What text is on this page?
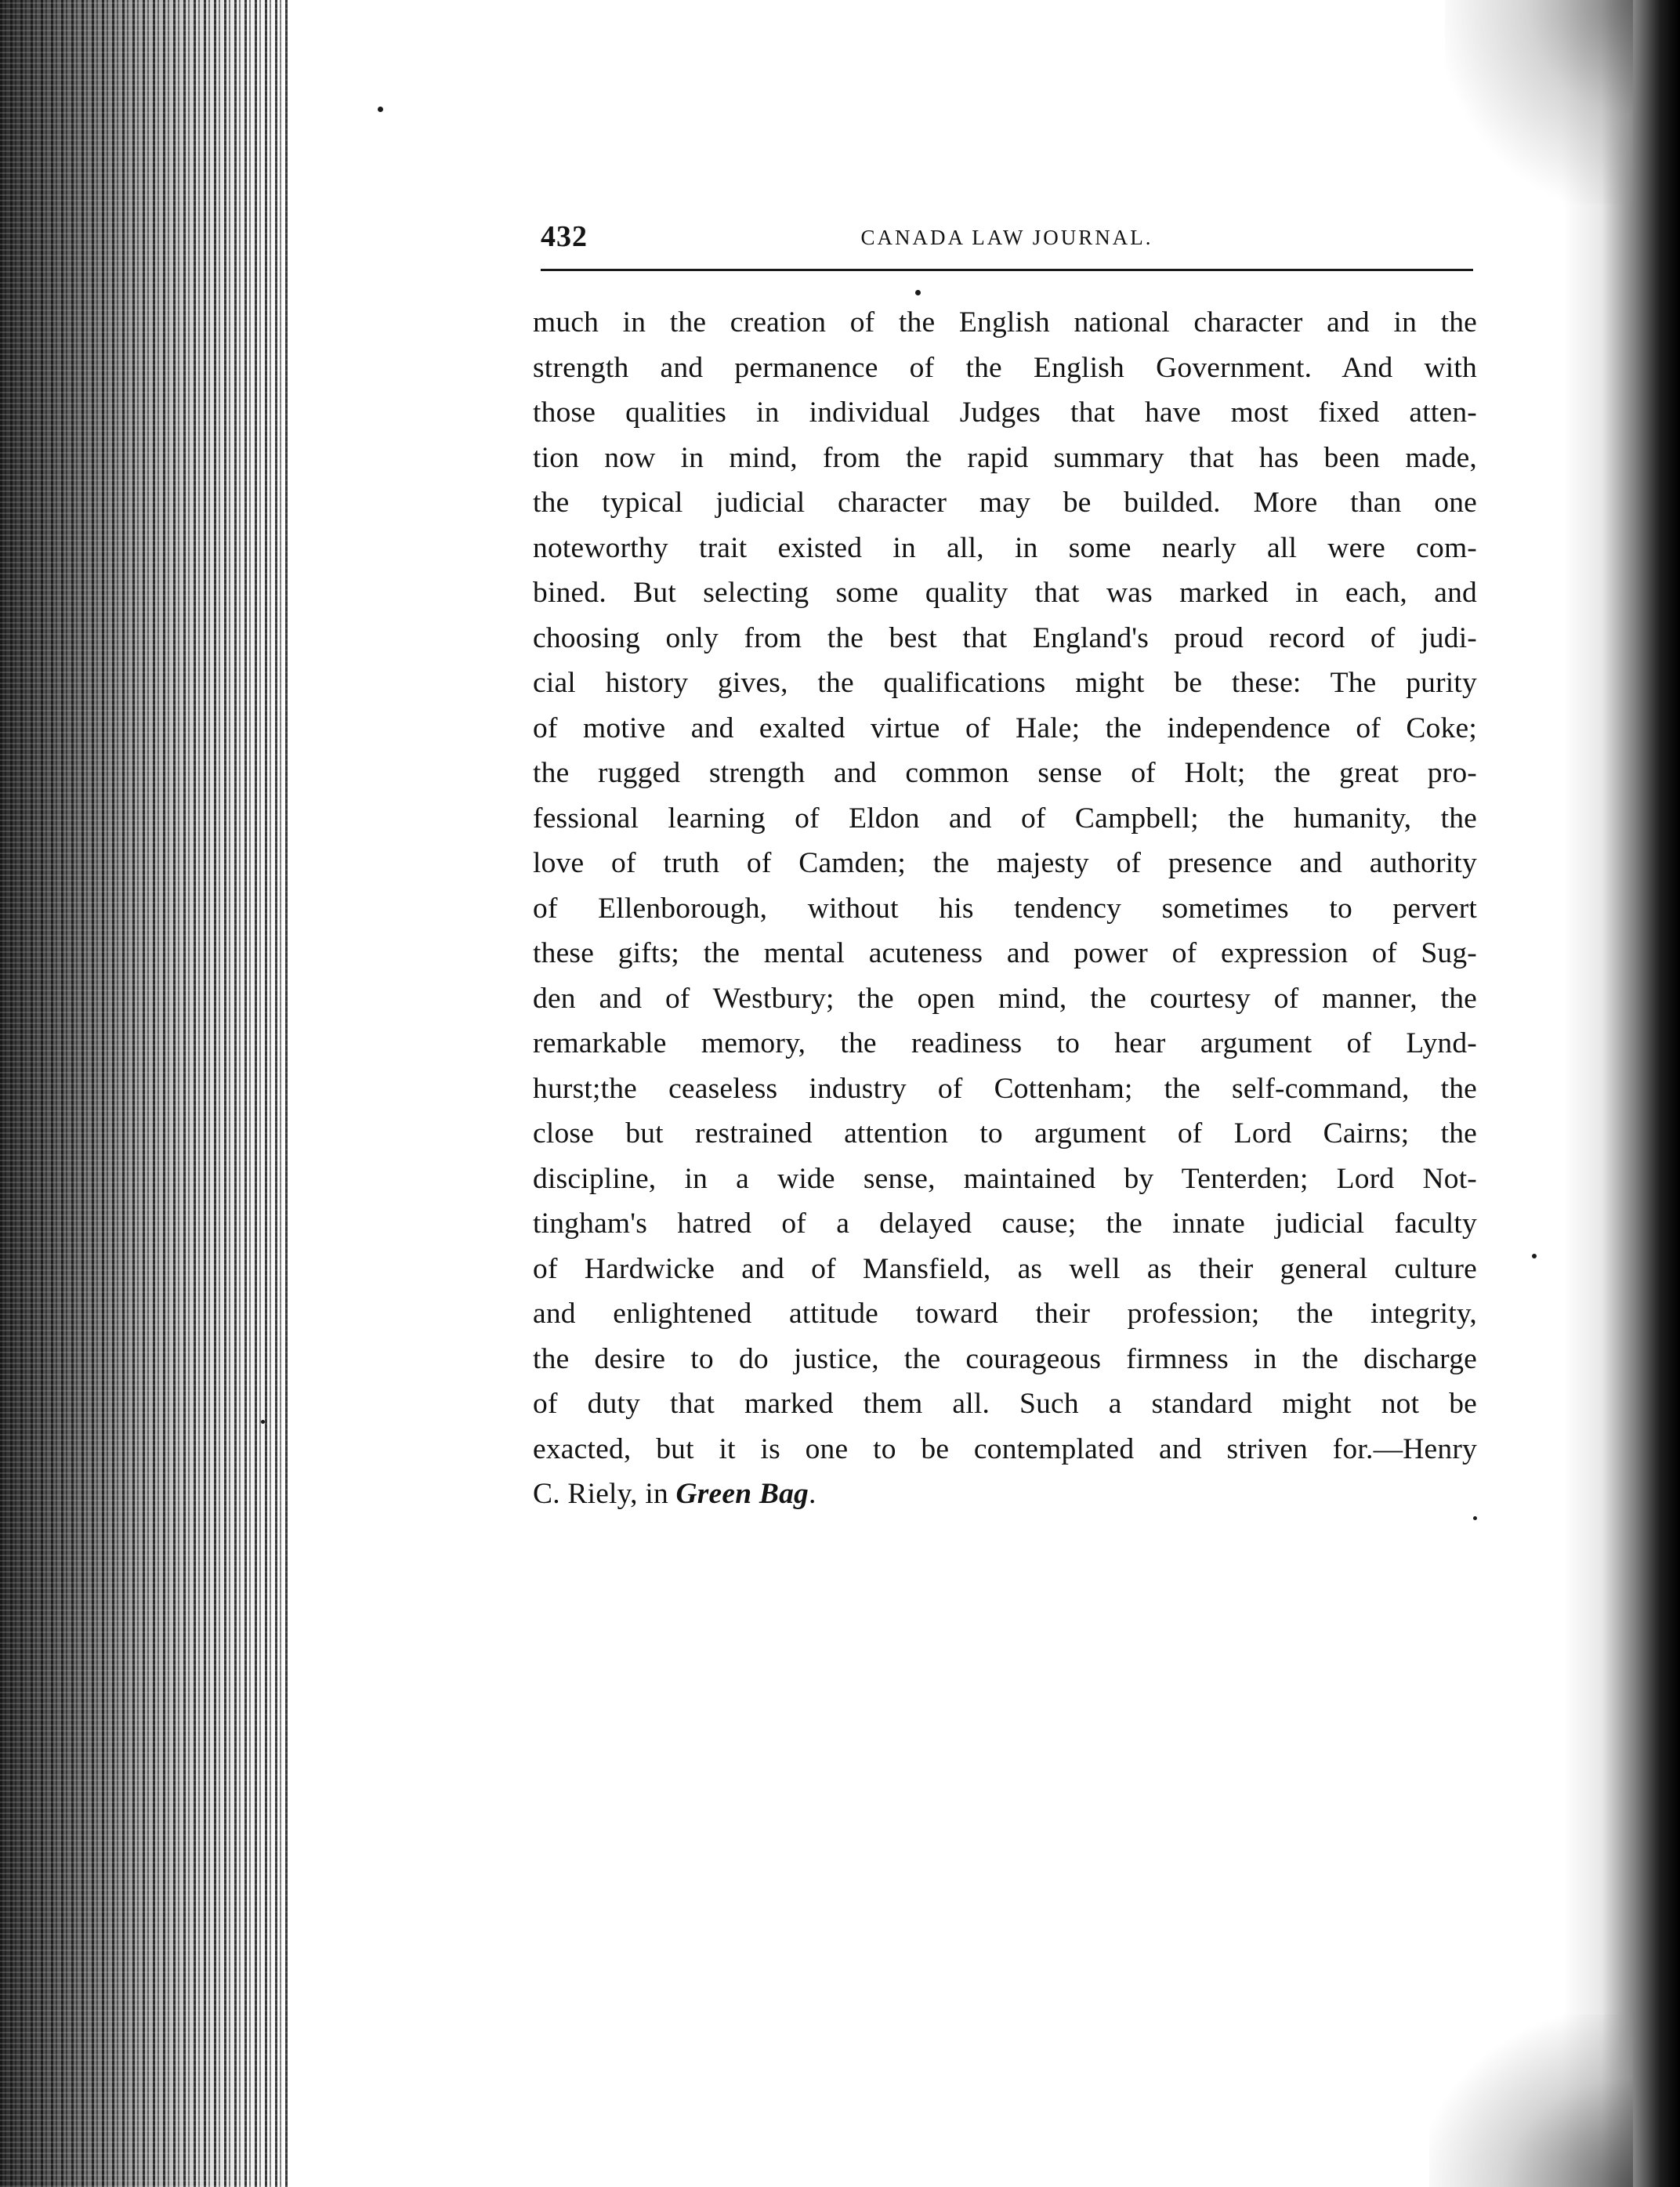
432	CANADA LAW JOURNAL.
much in the creation of the English national character and in the
strength and permanence of the English Government. And with
those qualities in individual Judges that have most fixed atten-
tion now in mind, from the rapid summary that has been made,
the typical judicial character may be builded. More than one
noteworthy trait existed in all, in some nearly all were com-
bined. But selecting some quality that was marked in each, and
choosing only from the best that England's proud record of judi-
cial history gives, the qualifications might be these: The purity
of motive and exalted virtue of Hale; the independence of Coke;
the rugged strength and common sense of Holt; the great pro-
fessional learning of Eldon and of Campbell; the humanity, the
love of truth of Camden; the majesty of presence and authority
of Ellenborough, without his tendency sometimes to pervert
these gifts; the mental acuteness and power of expression of Sug-
den and of Westbury; the open mind, the courtesy of manner, the
remarkable memory, the readiness to hear argument of Lynd-
hurst;the ceaseless industry of Cottenham; the self-command, the
close but restrained attention to argument of Lord Cairns; the
discipline, in a wide sense, maintained by Tenterden; Lord Not-
tingham's hatred of a delayed cause; the innate judicial faculty
of Hardwicke and of Mansfield, as well as their general culture
and enlightened attitude toward their profession; the integrity,
the desire to do justice, the courageous firmness in the discharge
of duty that marked them all. Such a standard might not be
exacted, but it is one to be contemplated and striven for.—Henry
C. Riely, in Green Bag.
